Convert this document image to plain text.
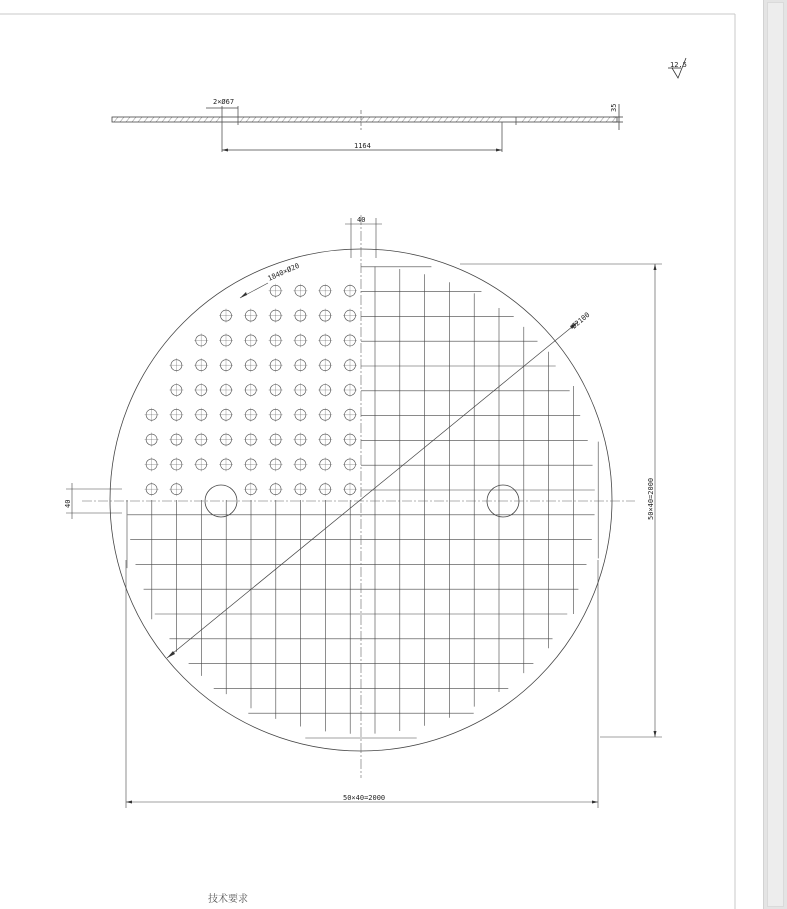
12.5
2×Ø67
1164
35
40
1840×Ø20
Ø2100
40	50×40=2000
50×40=2000
技术要求
